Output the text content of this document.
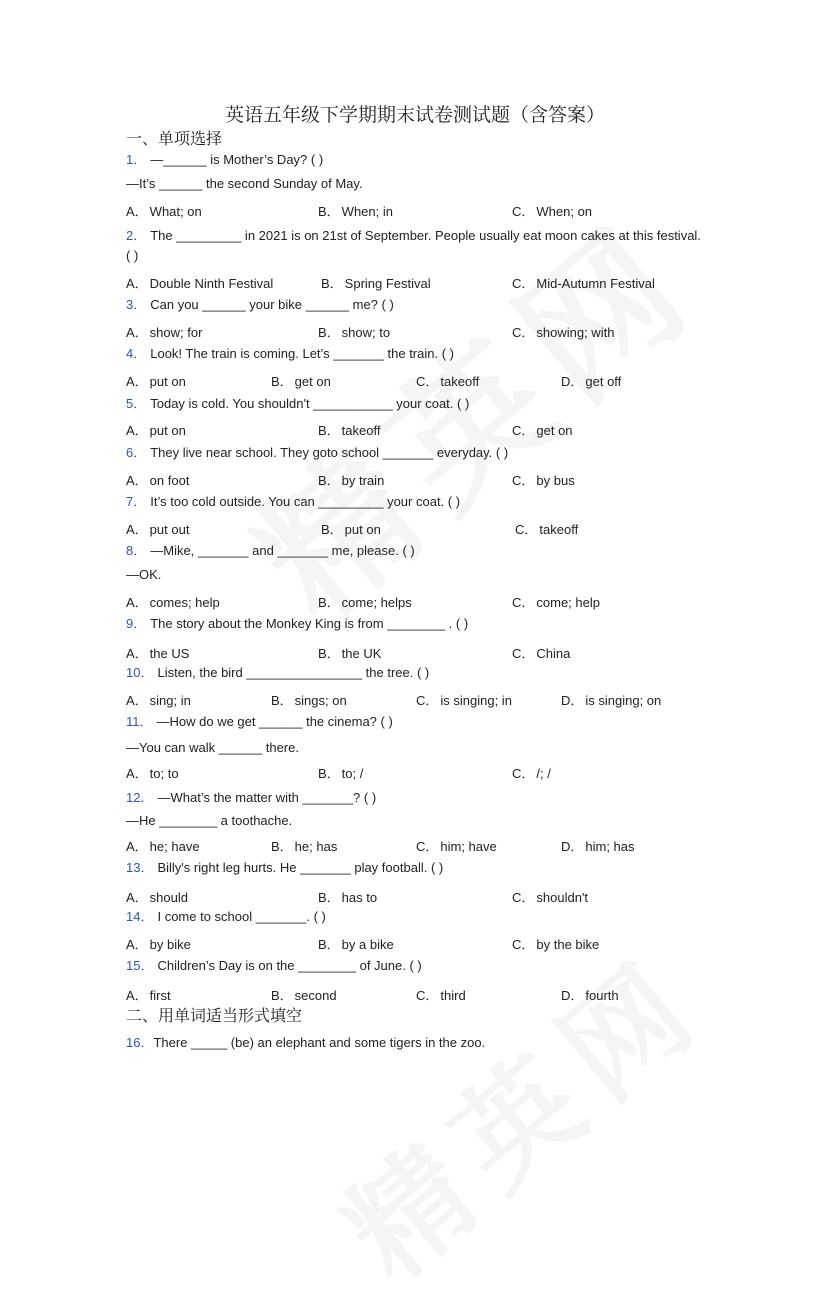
英语五年级下学期期末试卷测试题（含答案）
一、单项选择
1． —______ is Mother’s Day? ( )
—It’s ______ the second Sunday of May.
A． What; on	B． When; in	C． When; on
2． The _________ in 2021 is on 21st of September. People usually eat moon cakes at this festival.
( )
A． Double Ninth Festival	B． Spring Festival	C． Mid-Autumn Festival
3． Can you ______ your bike ______ me? ( )
A． show; for	B． show; to	C． showing; with
4． Look! The train is coming. Let’s _______ the train. ( )
A． put on	B． get on	C． takeoff	D． get off
5． Today is cold. You shouldn't ___________ your coat. ( )
A． put on	B． takeoff	C． get on
6． They live near school. They goto school _______ everyday. ( )
A． on foot	B． by train	C． by bus
7． It’s too cold outside. You can _________ your coat. ( )
A． put out	B． put on	C． takeoff
8． —Mike, _______ and _______ me, please. ( )
—OK.
A． comes; help	B． come; helps	C． come; help
9． The story about the Monkey King is from ________ . ( )
A． the US	B． the UK	C． China
10． Listen, the bird ________________ the tree. ( )
A． sing; in	B． sings; on	C． is singing; in	D． is singing; on
11． —How do we get ______ the cinema? ( )
—You can walk ______ there.
A． to; to	B． to; /	C． /; /
12． —What’s the matter with _______? ( )
—He ________ a toothache.
A． he; have	B． he; has	C． him; have	D． him; has
13． Billy's right leg hurts. He _______ play football. ( )
A． should	B． has to	C． shouldn't
14． I come to school _______. ( )
A． by bike	B． by a bike	C． by the bike
15． Children’s Day is on the ________ of June. ( )
A． first	B． second	C． third	D． fourth
二、用单词适当形式填空
16．There _____ (be) an elephant and some tigers in the zoo.
